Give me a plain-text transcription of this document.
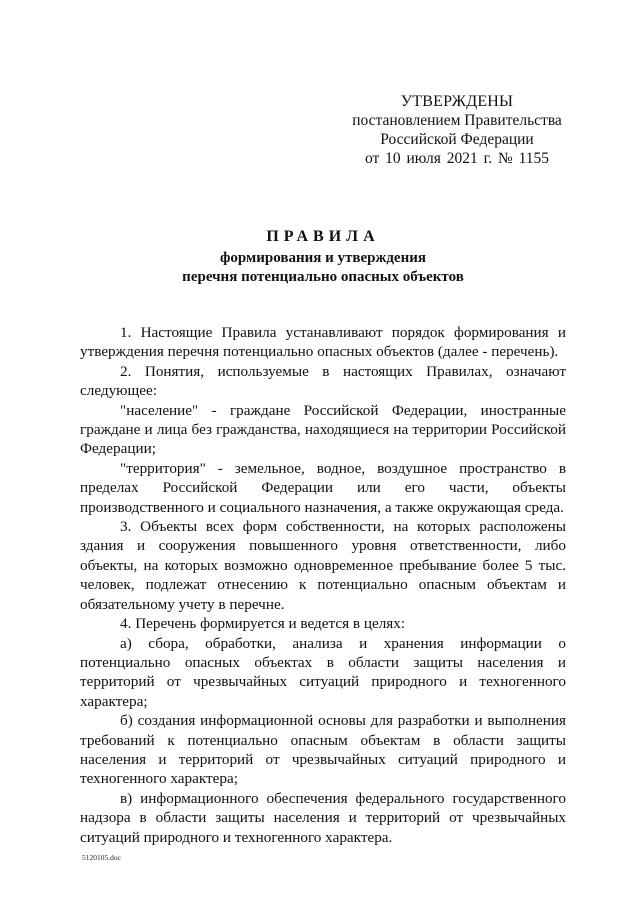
УТВЕРЖДЕНЫ
постановлением Правительства
Российской Федерации
от 10 июля 2021 г. № 1155
ПРАВИЛА
формирования и утверждения
перечня потенциально опасных объектов

1. Настоящие Правила устанавливают порядок формирования и утверждения перечня потенциально опасных объектов (далее - перечень).

2. Понятия, используемые в настоящих Правилах, означают следующее:

"население" - граждане Российской Федерации, иностранные граждане и лица без гражданства, находящиеся на территории Российской Федерации;

"территория" - земельное, водное, воздушное пространство в пределах Российской Федерации или его части, объекты производственного и социального назначения, а также окружающая среда.

3. Объекты всех форм собственности, на которых расположены здания и сооружения повышенного уровня ответственности, либо объекты, на которых возможно одновременное пребывание более 5 тыс. человек, подлежат отнесению к потенциально опасным объектам и обязательному учету в перечне.

4. Перечень формируется и ведется в целях:

а) сбора, обработки, анализа и хранения информации о потенциально опасных объектах в области защиты населения и территорий от чрезвычайных ситуаций природного и техногенного характера;

б) создания информационной основы для разработки и выполнения требований к потенциально опасным объектам в области защиты населения и территорий от чрезвычайных ситуаций природного и техногенного характера;

в) информационного обеспечения федерального государственного надзора в области защиты населения и территорий от чрезвычайных ситуаций природного и техногенного характера.

5120105.doc
